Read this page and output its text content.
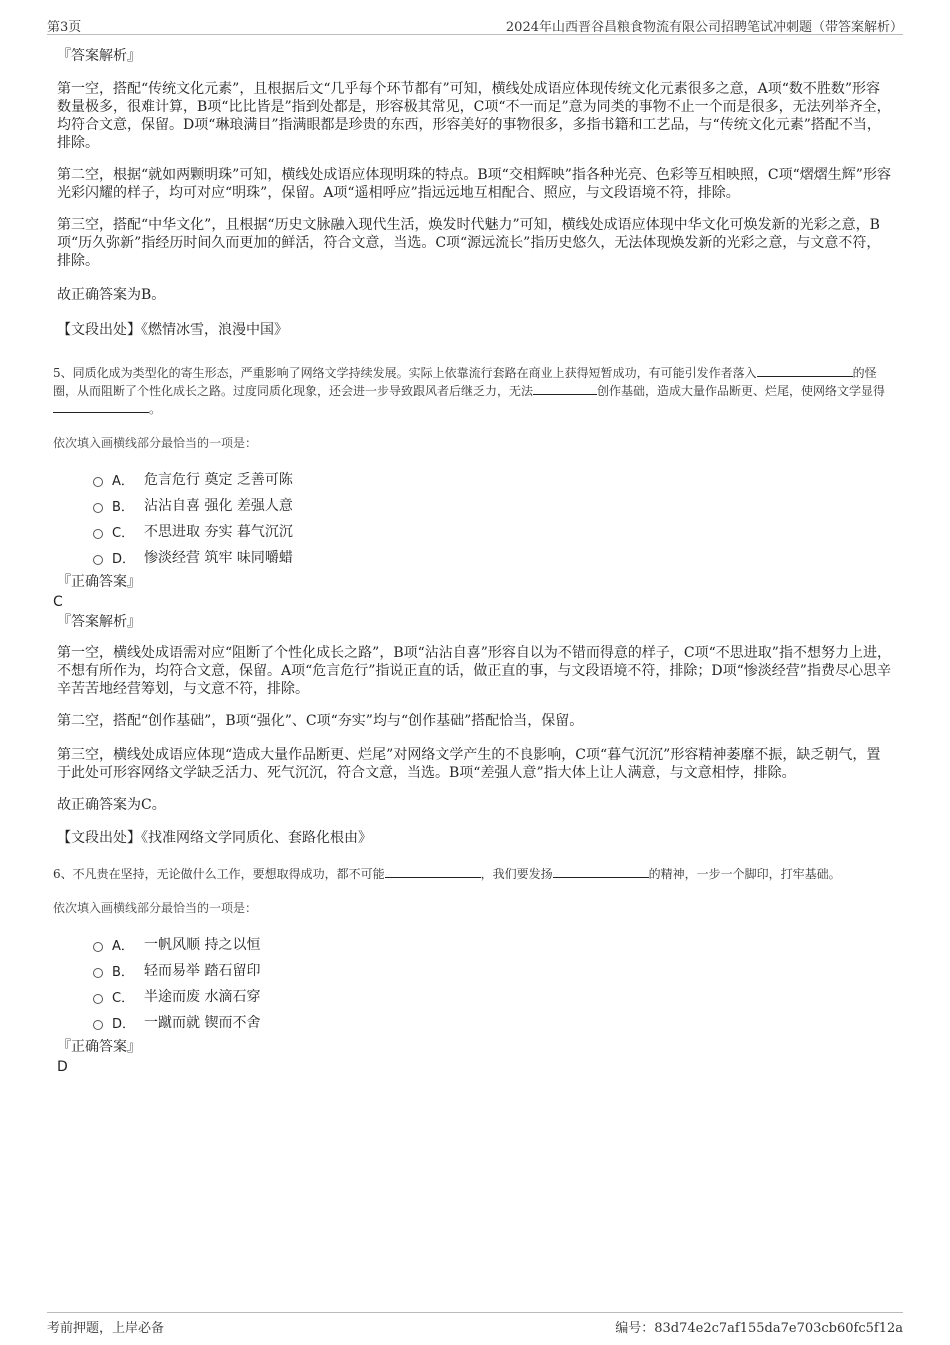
第3页	2024年山西晋谷昌粮食物流有限公司招聘笔试冲刺题（带答案解析）

『答案解析』

第一空，搭配“传统文化元素”，且根据后文“几乎每个环节都有”可知，横线处成语应体现传统文化元素很多之意，A项“数不胜数”形容数量极多，很难计算，B项“比比皆是”指到处都是，形容极其常见，C项“不一而足”意为同类的事物不止一个而是很多，无法列举齐全，均符合文意，保留。D项“琳琅满目”指满眼都是珍贵的东西，形容美好的事物很多，多指书籍和工艺品，与“传统文化元素”搭配不当，排除。

第二空，根据“就如两颗明珠”可知，横线处成语应体现明珠的特点。B项“交相辉映”指各种光亮、色彩等互相映照，C项“熠熠生辉”形容光彩闪耀的样子，均可对应“明珠”，保留。A项“遥相呼应”指远远地互相配合、照应，与文段语境不符，排除。

第三空，搭配“中华文化”，且根据“历史文脉融入现代生活，焕发时代魅力”可知，横线处成语应体现中华文化可焕发新的光彩之意，B项“历久弥新”指经历时间久而更加的鲜活，符合文意，当选。C项“源远流长”指历史悠久，无法体现焕发新的光彩之意，与文意不符，排除。

故正确答案为B。

【文段出处】《燃情冰雪，浪漫中国》

5、同质化成为类型化的寄生形态，严重影响了网络文学持续发展。实际上依靠流行套路在商业上获得短暂成功，有可能引发作者落入	的怪圈，从而阻断了个性化成长之路。过度同质化现象，还会进一步导致跟风者后继乏力，无法	创作基础，造成大量作品断更、烂尾，使网络文学显得。

依次填入画横线部分最恰当的一项是：

A． 危言危行 奠定 乏善可陈
B． 沾沾自喜 强化 差强人意
C． 不思进取 夯实 暮气沉沉
D． 惨淡经营 筑牢 味同嚼蜡

『正确答案』

C

『答案解析』

第一空，横线处成语需对应“阻断了个性化成长之路”，B项“沾沾自喜”形容自以为不错而得意的样子，C项“不思进取”指不想努力上进，不想有所作为，均符合文意，保留。A项“危言危行”指说正直的话，做正直的事，与文段语境不符，排除；D项“惨淡经营”指费尽心思辛辛苦苦地经营筹划，与文意不符，排除。

第二空，搭配“创作基础”，B项“强化”、C项“夯实”均与“创作基础”搭配恰当，保留。

第三空，横线处成语应体现“造成大量作品断更、烂尾”对网络文学产生的不良影响，C项“暮气沉沉”形容精神萎靡不振，缺乏朝气，置于此处可形容网络文学缺乏活力、死气沉沉，符合文意，当选。B项“差强人意”指大体上让人满意，与文意相悖，排除。

故正确答案为C。

【文段出处】《找准网络文学同质化、套路化根由》

6、不凡贵在坚持，无论做什么工作，要想取得成功，都不可能	，我们要发扬	的精神，一步一个脚印，打牢基础。

依次填入画横线部分最恰当的一项是：

A． 一帆风顺 持之以恒
B． 轻而易举 踏石留印
C． 半途而废 水滴石穿
D． 一蹴而就 锲而不舍

『正确答案』

D

考前押题，上岸必备	编号：83d74e2c7af155da7e703cb60fc5f12a
